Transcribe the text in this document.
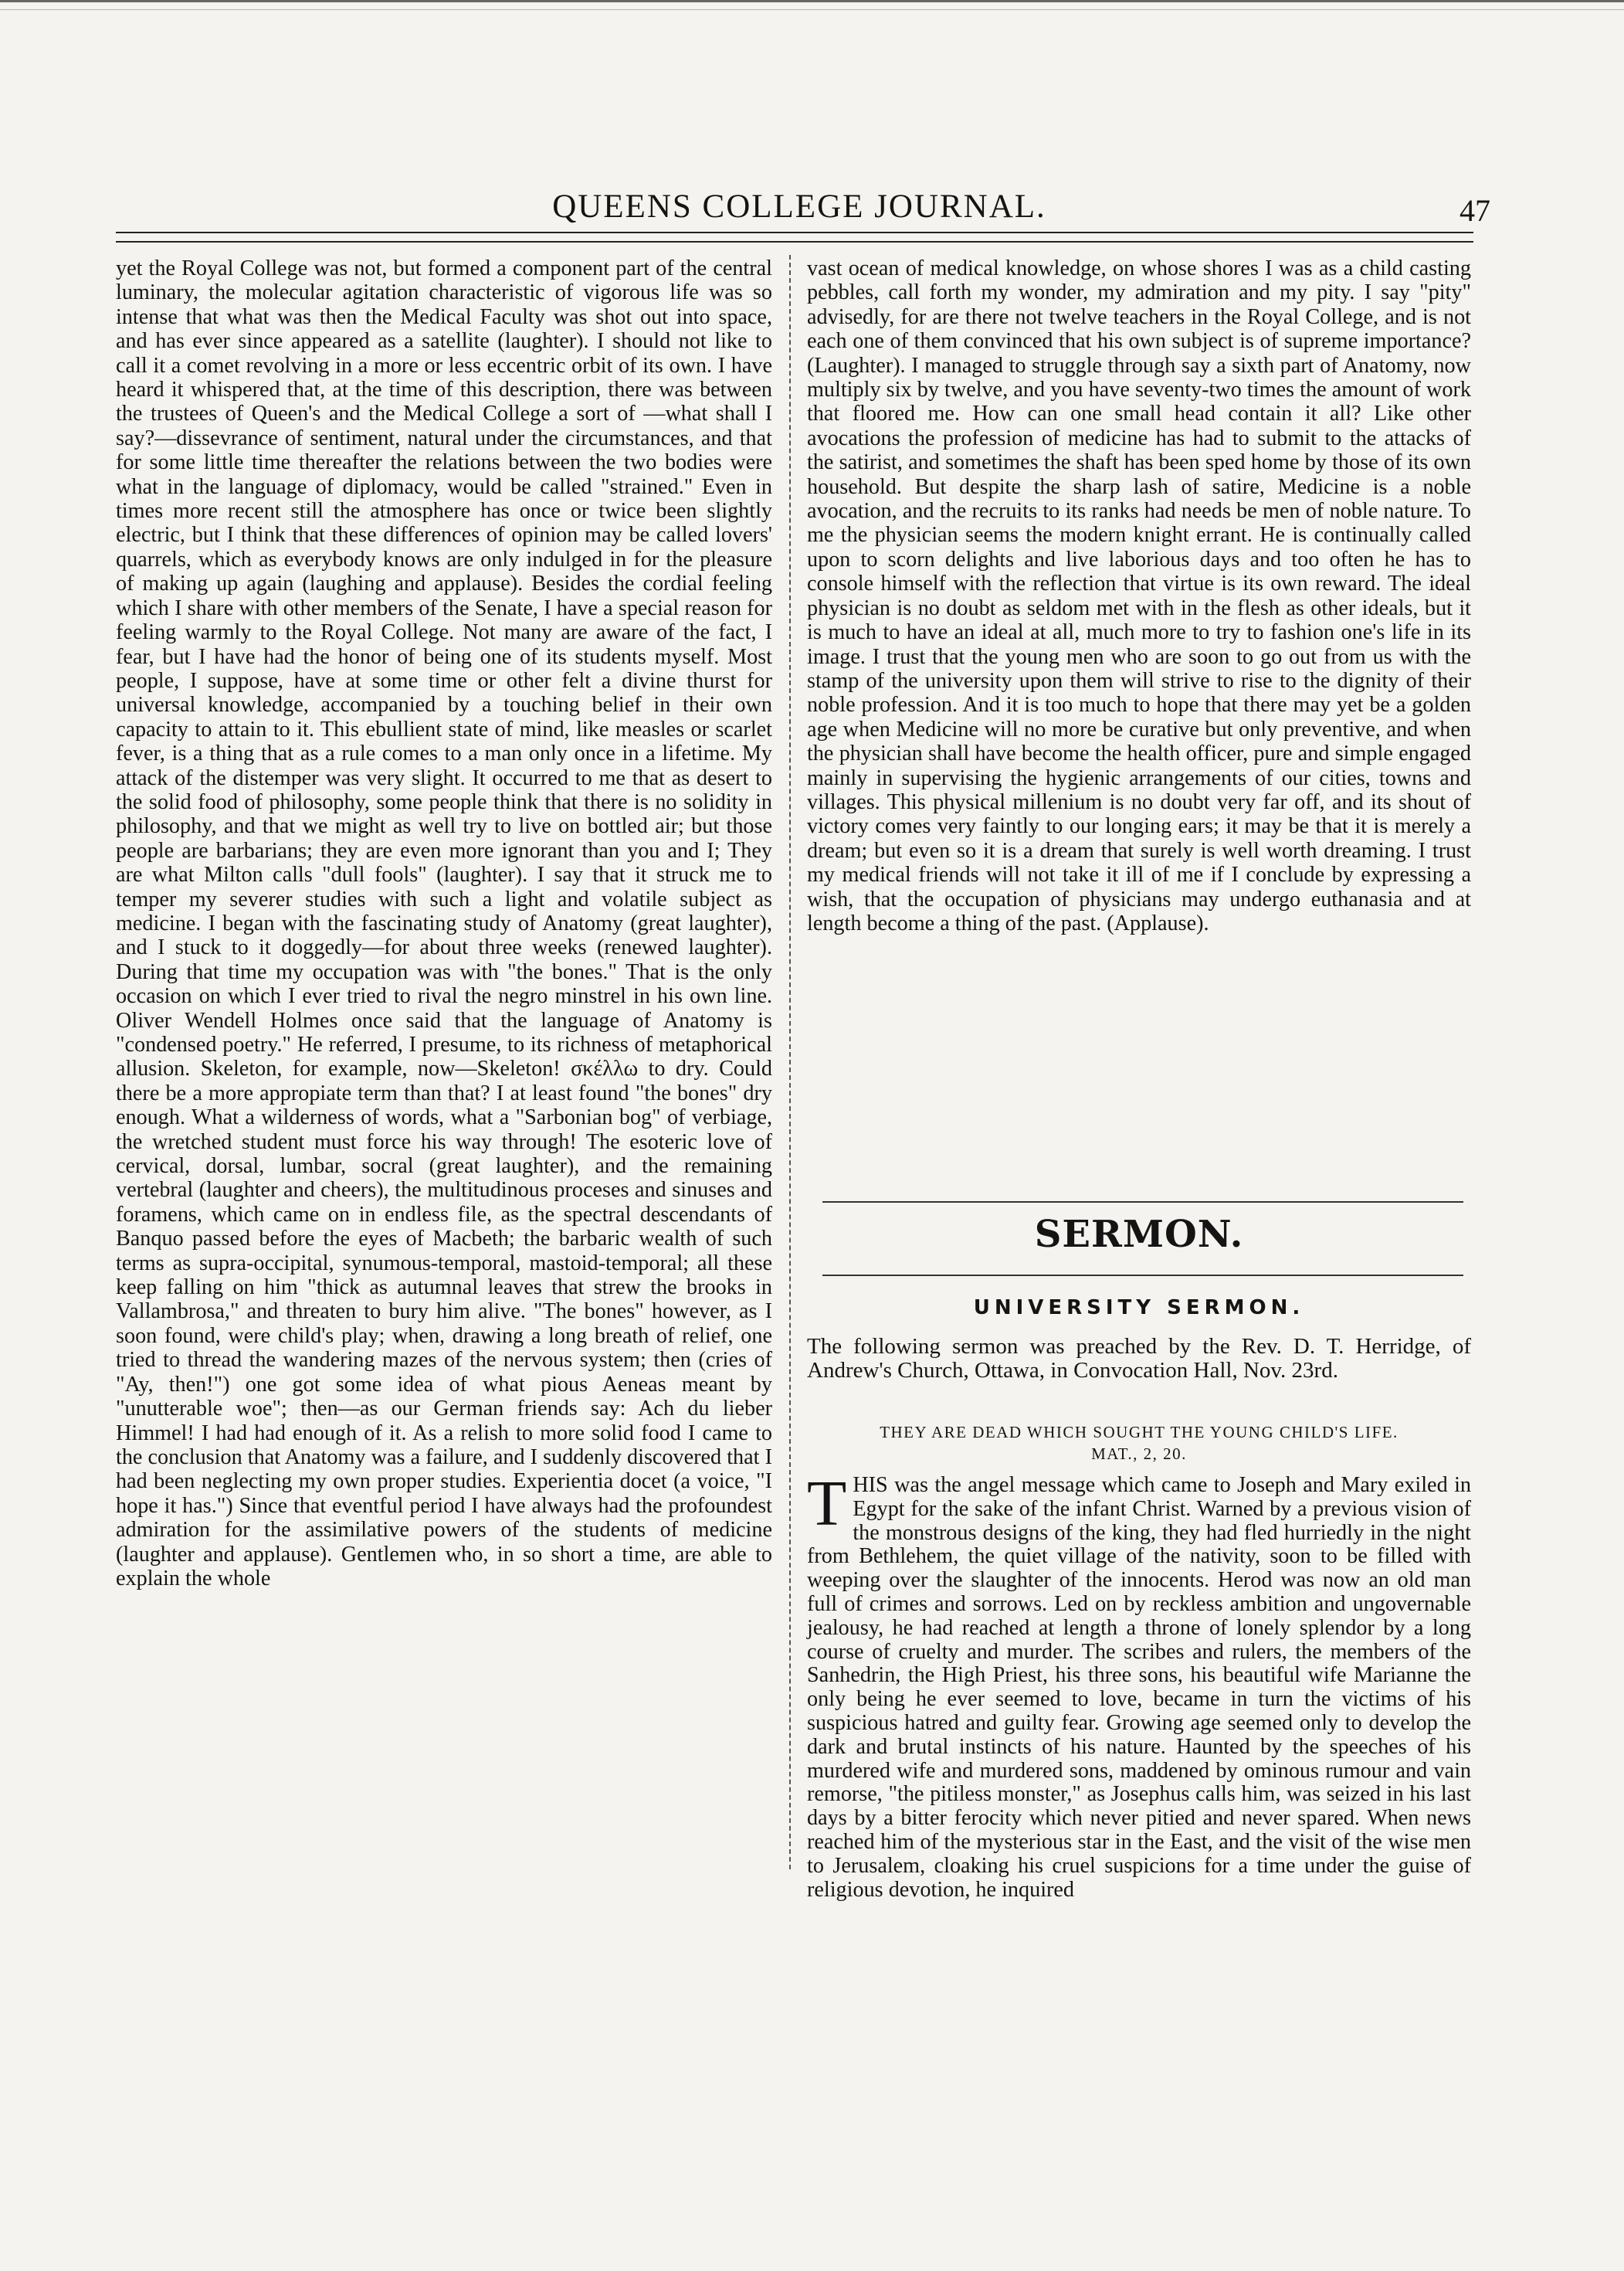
QUEENS COLLEGE JOURNAL.	47
yet the Royal College was not, but formed a component part of the central luminary, the molecular agitation characteristic of vigorous life was so intense that what was then the Medical Faculty was shot out into space, and has ever since appeared as a satellite (laughter). I should not like to call it a comet revolving in a more or less eccentric orbit of its own. I have heard it whispered that, at the time of this description, there was between the trustees of Queen's and the Medical College a sort of —what shall I say?—dissevrance of sentiment, natural under the circumstances, and that for some little time thereafter the relations between the two bodies were what in the language of diplomacy, would be called "strained." Even in times more recent still the atmosphere has once or twice been slightly electric, but I think that these differences of opinion may be called lovers' quarrels, which as everybody knows are only indulged in for the pleasure of making up again (laughing and applause). Besides the cordial feeling which I share with other members of the Senate, I have a special reason for feeling warmly to the Royal College. Not many are aware of the fact, I fear, but I have had the honor of being one of its students myself. Most people, I suppose, have at some time or other felt a divine thurst for universal knowledge, accompanied by a touching belief in their own capacity to attain to it. This ebullient state of mind, like measles or scarlet fever, is a thing that as a rule comes to a man only once in a lifetime. My attack of the distemper was very slight. It occurred to me that as desert to the solid food of philosophy, some people think that there is no solidity in philosophy, and that we might as well try to live on bottled air; but those people are barbarians; they are even more ignorant than you and I; They are what Milton calls "dull fools" (laughter). I say that it struck me to temper my severer studies with such a light and volatile subject as medicine. I began with the fascinating study of Anatomy (great laughter), and I stuck to it doggedly—for about three weeks (renewed laughter). During that time my occupation was with "the bones." That is the only occasion on which I ever tried to rival the negro minstrel in his own line. Oliver Wendell Holmes once said that the language of Anatomy is "condensed poetry." He referred, I presume, to its richness of metaphorical allusion. Skeleton, for example, now—Skeleton! σκέλλω to dry. Could there be a more appropiate term than that? I at least found "the bones" dry enough. What a wilderness of words, what a "Sarbonian bog" of verbiage, the wretched student must force his way through! The esoteric love of cervical, dorsal, lumbar, socral (great laughter), and the remaining vertebral (laughter and cheers), the multitudinous proceses and sinuses and foramens, which came on in endless file, as the spectral descendants of Banquo passed before the eyes of Macbeth; the barbaric wealth of such terms as supra-occipital, synumous-temporal, mastoid-temporal; all these keep falling on him "thick as autumnal leaves that strew the brooks in Vallambrosa," and threaten to bury him alive. "The bones" however, as I soon found, were child's play; when, drawing a long breath of relief, one tried to thread the wandering mazes of the nervous system; then (cries of "Ay, then!") one got some idea of what pious Aeneas meant by "unutterable woe"; then—as our German friends say: Ach du lieber Himmel! I had had enough of it. As a relish to more solid food I came to the conclusion that Anatomy was a failure, and I suddenly discovered that I had been neglecting my own proper studies. Experientia docet (a voice, "I hope it has.") Since that eventful period I have always had the profoundest admiration for the assimilative powers of the students of medicine (laughter and applause). Gentlemen who, in so short a time, are able to explain the whole
vast ocean of medical knowledge, on whose shores I was as a child casting pebbles, call forth my wonder, my admiration and my pity. I say "pity" advisedly, for are there not twelve teachers in the Royal College, and is not each one of them convinced that his own subject is of supreme importance? (Laughter). I managed to struggle through say a sixth part of Anatomy, now multiply six by twelve, and you have seventy-two times the amount of work that floored me. How can one small head contain it all? Like other avocations the profession of medicine has had to submit to the attacks of the satirist, and sometimes the shaft has been sped home by those of its own household. But despite the sharp lash of satire, Medicine is a noble avocation, and the recruits to its ranks had needs be men of noble nature. To me the physician seems the modern knight errant. He is continually called upon to scorn delights and live laborious days and too often he has to console himself with the reflection that virtue is its own reward. The ideal physician is no doubt as seldom met with in the flesh as other ideals, but it is much to have an ideal at all, much more to try to fashion one's life in its image. I trust that the young men who are soon to go out from us with the stamp of the university upon them will strive to rise to the dignity of their noble profession. And it is too much to hope that there may yet be a golden age when Medicine will no more be curative but only preventive, and when the physician shall have become the health officer, pure and simple engaged mainly in supervising the hygienic arrangements of our cities, towns and villages. This physical millenium is no doubt very far off, and its shout of victory comes very faintly to our longing ears; it may be that it is merely a dream; but even so it is a dream that surely is well worth dreaming. I trust my medical friends will not take it ill of me if I conclude by expressing a wish, that the occupation of physicians may undergo euthanasia and at length become a thing of the past. (Applause).
SERMON.
UNIVERSITY SERMON.
The following sermon was preached by the Rev. D. T. Herridge, of Andrew's Church, Ottawa, in Convocation Hall, Nov. 23rd.
THEY ARE DEAD WHICH SOUGHT THE YOUNG CHILD'S LIFE.
MAT., 2, 20.
THIS was the angel message which came to Joseph and Mary exiled in Egypt for the sake of the infant Christ. Warned by a previous vision of the monstrous designs of the king, they had fled hurriedly in the night from Bethlehem, the quiet village of the nativity, soon to be filled with weeping over the slaughter of the innocents. Herod was now an old man full of crimes and sorrows. Led on by reckless ambition and ungovernable jealousy, he had reached at length a throne of lonely splendor by a long course of cruelty and murder. The scribes and rulers, the members of the Sanhedrin, the High Priest, his three sons, his beautiful wife Marianne the only being he ever seemed to love, became in turn the victims of his suspicious hatred and guilty fear. Growing age seemed only to develop the dark and brutal instincts of his nature. Haunted by the speeches of his murdered wife and murdered sons, maddened by ominous rumour and vain remorse, "the pitiless monster," as Josephus calls him, was seized in his last days by a bitter ferocity which never pitied and never spared. When news reached him of the mysterious star in the East, and the visit of the wise men to Jerusalem, cloaking his cruel suspicions for a time under the guise of religious devotion, he inquired
